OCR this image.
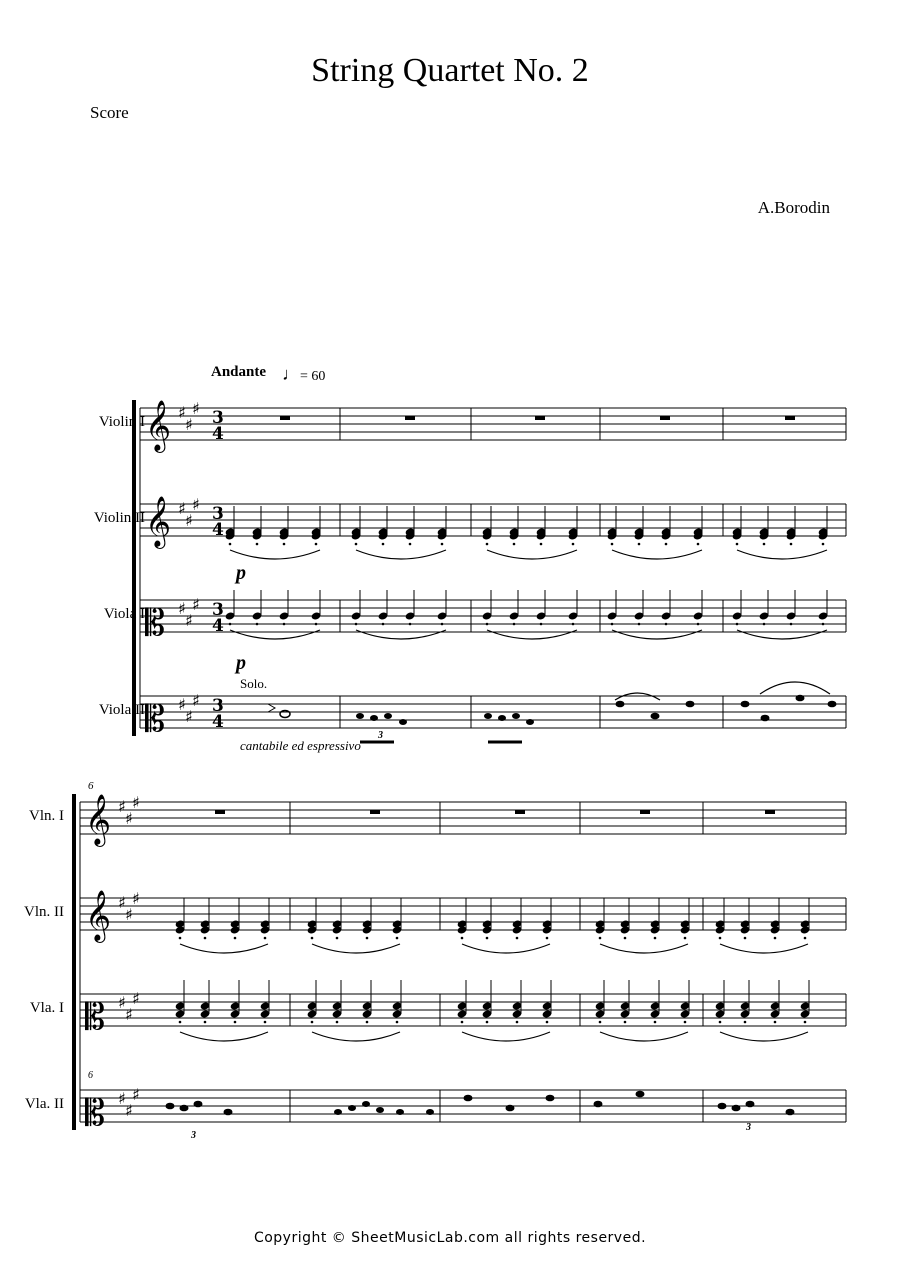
String Quartet No. 2
Score
A.Borodin
Andante ♩= 60
Violin I
Violin II
Viola I
Viola II
Vln. I
Vln. II
Vla. I
Vla. II
Solo.
cantabile ed espressivo
p
p
3
6
6
3
3
Copyright © SheetMusicLab.com all rights reserved.
𝄞 ♯
♯
♯ 3
4
𝄞 ♯
♯
♯ 3
4
𝄡 ♯
♯
♯ 3
4
𝄡 ♯
♯
♯ 3
4
𝄞 ♯
♯
♯
𝄞 ♯
♯
♯
𝄡 ♯
♯
♯
𝄡 ♯
♯
♯
